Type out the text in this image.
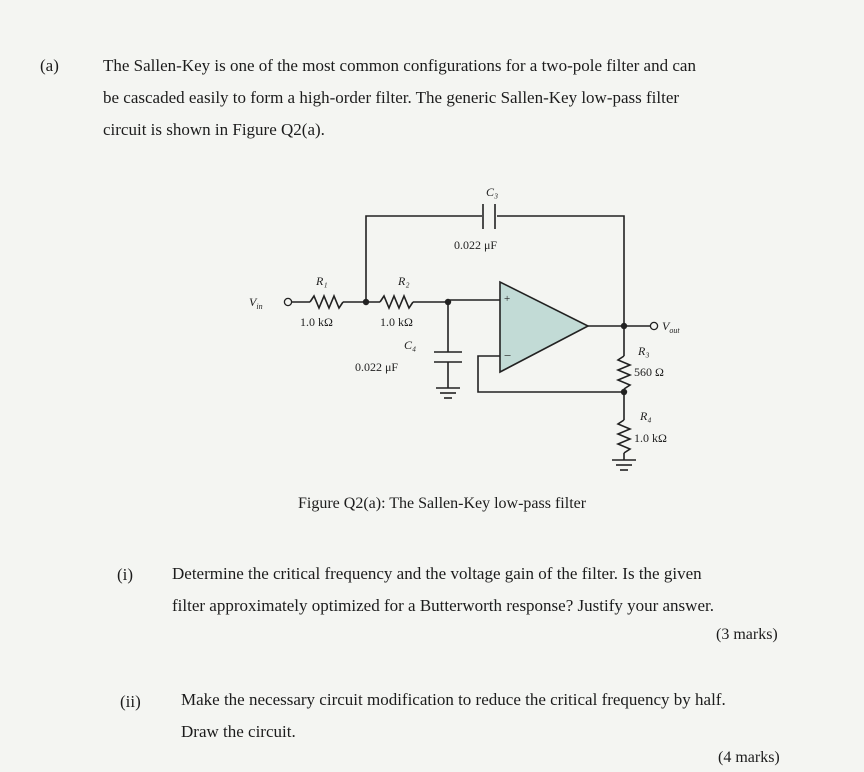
(a)	The Sallen-Key is one of the most common configurations for a two-pole filter and can
be cascaded easily to form a high-order filter. The generic Sallen-Key low-pass filter
circuit is shown in Figure Q2(a).
C₃
0.022 μF
R₁
1.0 kΩ
R₂
1.0 kΩ
C₄
0.022 μF
R₃
560 Ω
R₄
1.0 kΩ
+
−
$V_{in}$
$V_{out}$
Figure Q2(a): The Sallen-Key low-pass filter
(i) Determine the critical frequency and the voltage gain of the filter. Is the given
filter approximately optimized for a Butterworth response? Justify your answer.
(3 marks)
(ii) Make the necessary circuit modification to reduce the critical frequency by half.
Draw the circuit.
(4 marks)
